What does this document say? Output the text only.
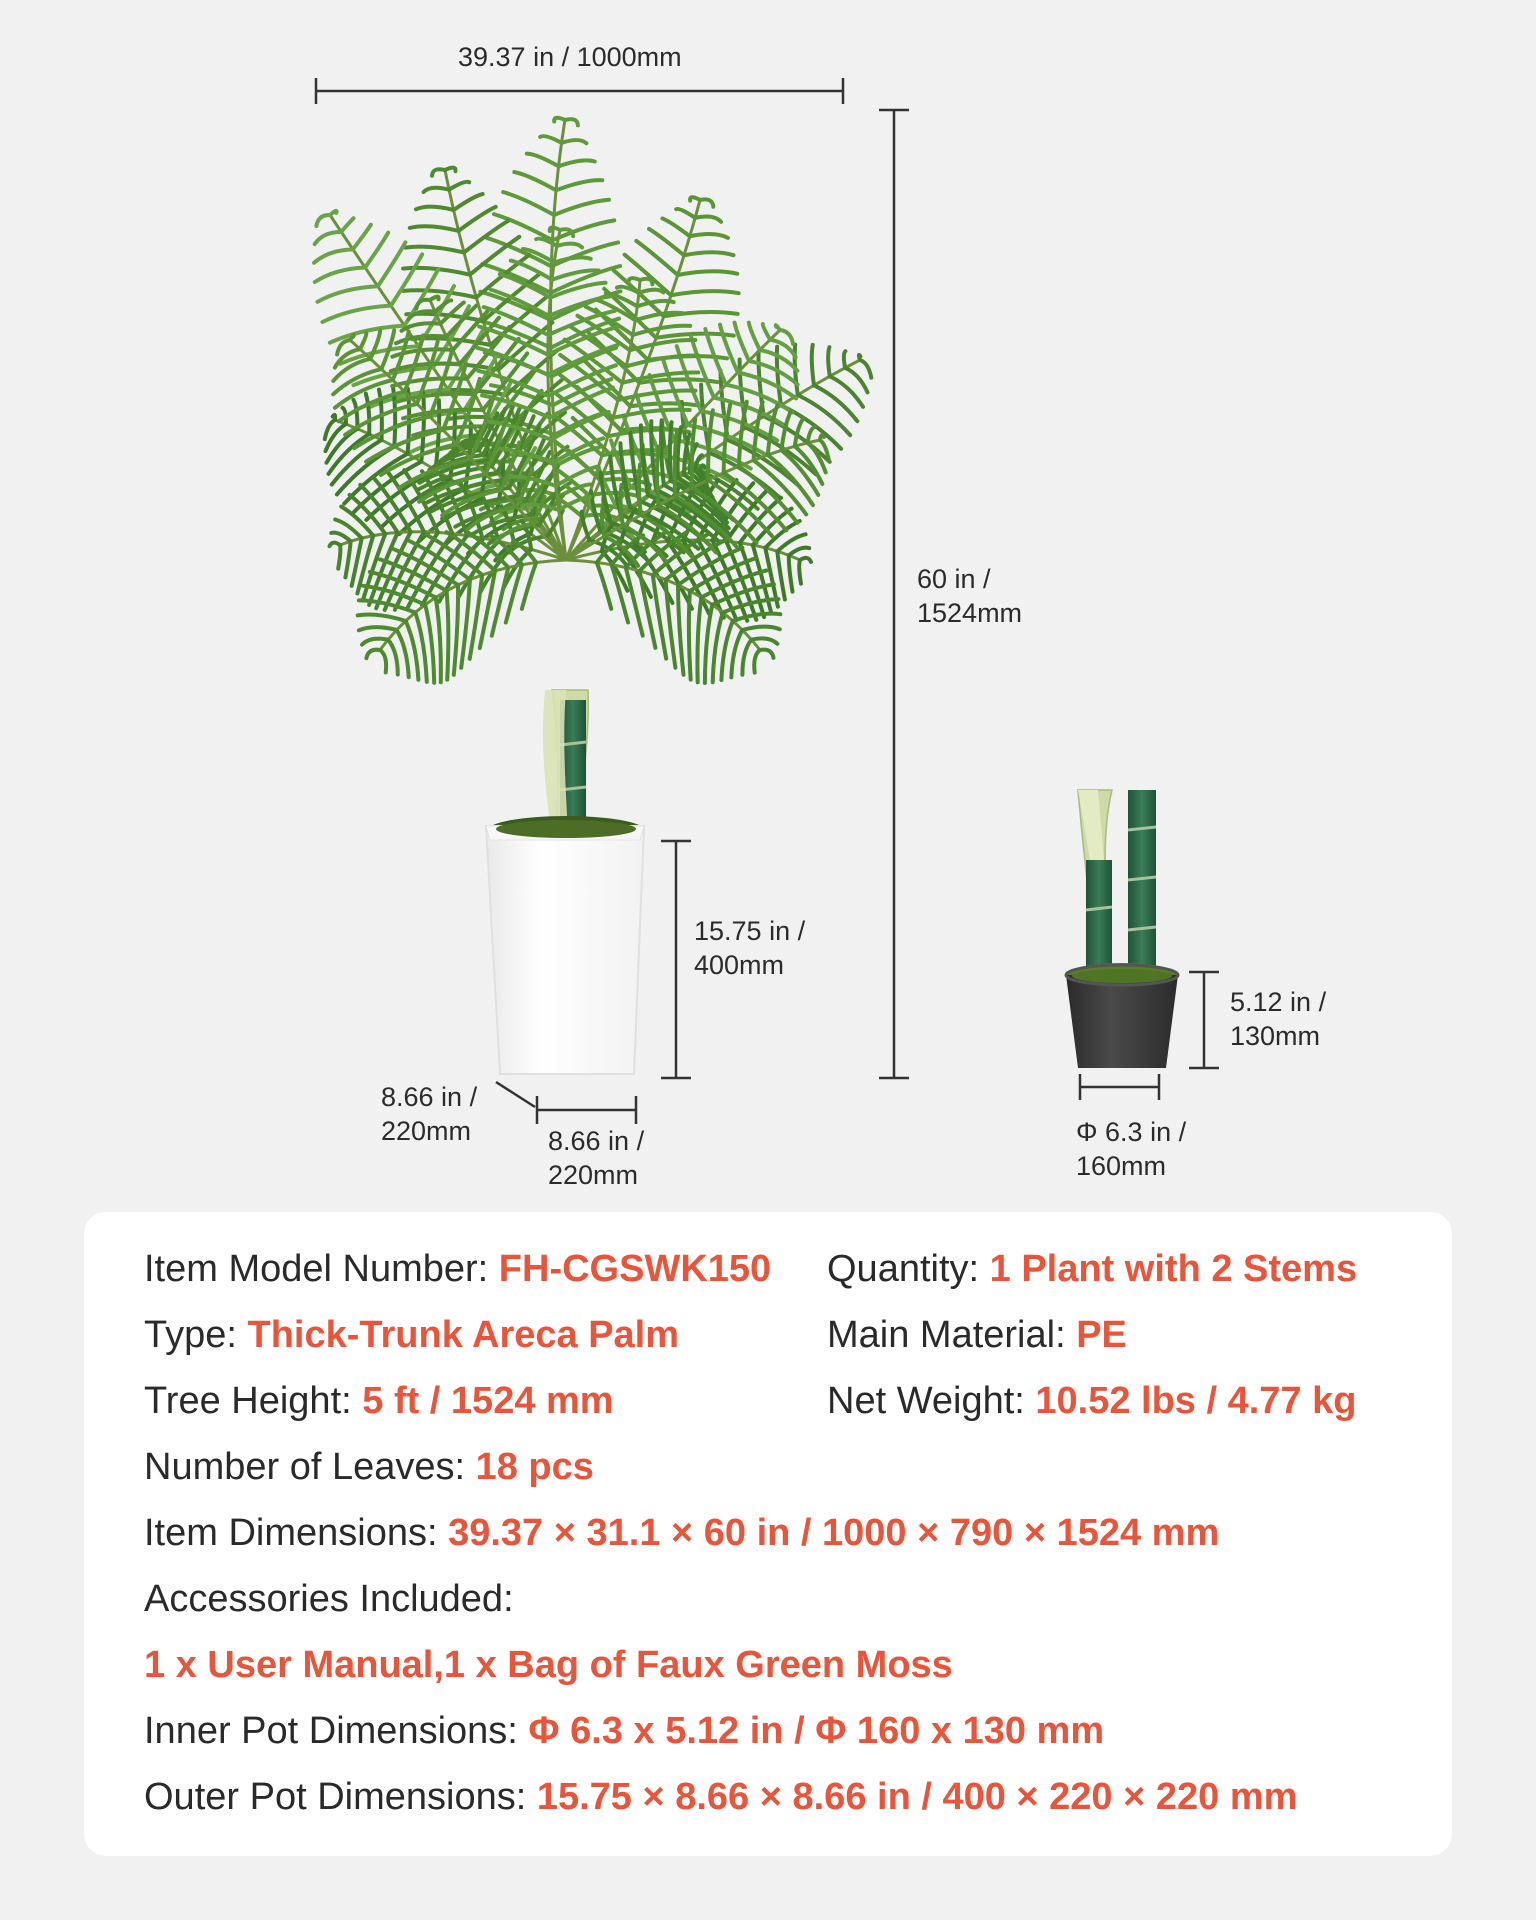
39.37 in / 1000mm
60 in /
1524mm
15.75 in /
400mm
8.66 in /
220mm	8.66 in /
220mm
5.12 in /
130mm
Φ 6.3 in /
160mm
Item Model Number: FH-CGSWK150 Quantity: 1 Plant with 2 Stems
Type: Thick-Trunk Areca Palm	Main Material: PE
Tree Height: 5 ft / 1524 mm	Net Weight: 10.52 lbs / 4.77 kg
Number of Leaves: 18 pcs
Item Dimensions: 39.37 × 31.1 × 60 in / 1000 × 790 × 1524 mm
Accessories Included:
1 x User Manual,1 x Bag of Faux Green Moss
Inner Pot Dimensions: Φ 6.3 x 5.12 in / Φ 160 x 130 mm
Outer Pot Dimensions: 15.75 × 8.66 × 8.66 in / 400 × 220 × 220 mm
